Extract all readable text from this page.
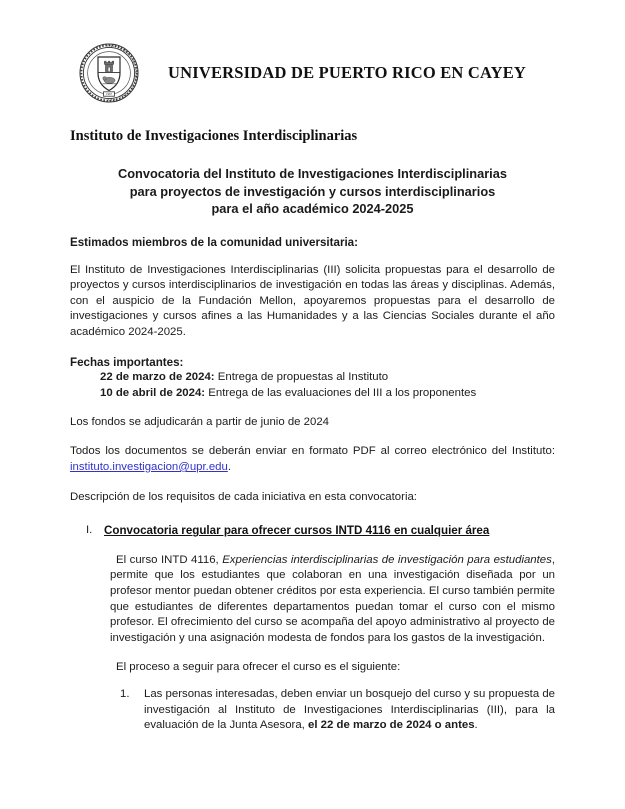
UNIVERSIDAD DE PUERTO RICO EN CAYEY
1967
UNIVERSIDAD DE PUERTO RICO EN CAYEY
Instituto de Investigaciones Interdisciplinarias
Convocatoria del Instituto de Investigaciones Interdisciplinarias
para proyectos de investigación y cursos interdisciplinarios
para el año académico 2024-2025
Estimados miembros de la comunidad universitaria:

El Instituto de Investigaciones Interdisciplinarias (III) solicita propuestas para el desarrollo de proyectos y cursos interdisciplinarios de investigación en todas las áreas y disciplinas. Además, con el auspicio de la Fundación Mellon, apoyaremos propuestas para el desarrollo de investigaciones y cursos afines a las Humanidades y a las Ciencias Sociales durante el año académico 2024-2025.

Fechas importantes:
22 de marzo de 2024: Entrega de propuestas al Instituto
10 de abril de 2024: Entrega de las evaluaciones del III a los proponentes

Los fondos se adjudicarán a partir de junio de 2024

Todos los documentos se deberán enviar en formato PDF al correo electrónico del Instituto: instituto.investigacion@upr.edu.

Descripción de los requisitos de cada iniciativa en esta convocatoria:

I.	Convocatoria regular para ofrecer cursos INTD 4116 en cualquier área

El curso INTD 4116, Experiencias interdisciplinarias de investigación para estudiantes, permite que los estudiantes que colaboran en una investigación diseñada por un profesor mentor puedan obtener créditos por esta experiencia. El curso también permite que estudiantes de diferentes departamentos puedan tomar el curso con el mismo profesor. El ofrecimiento del curso se acompaña del apoyo administrativo al proyecto de investigación y una asignación modesta de fondos para los gastos de la investigación.

El proceso a seguir para ofrecer el curso es el siguiente:

Las personas interesadas, deben enviar un bosquejo del curso y su propuesta de investigación al Instituto de Investigaciones Interdisciplinarias (III), para la evaluación de la Junta Asesora, el 22 de marzo de 2024 o antes.
